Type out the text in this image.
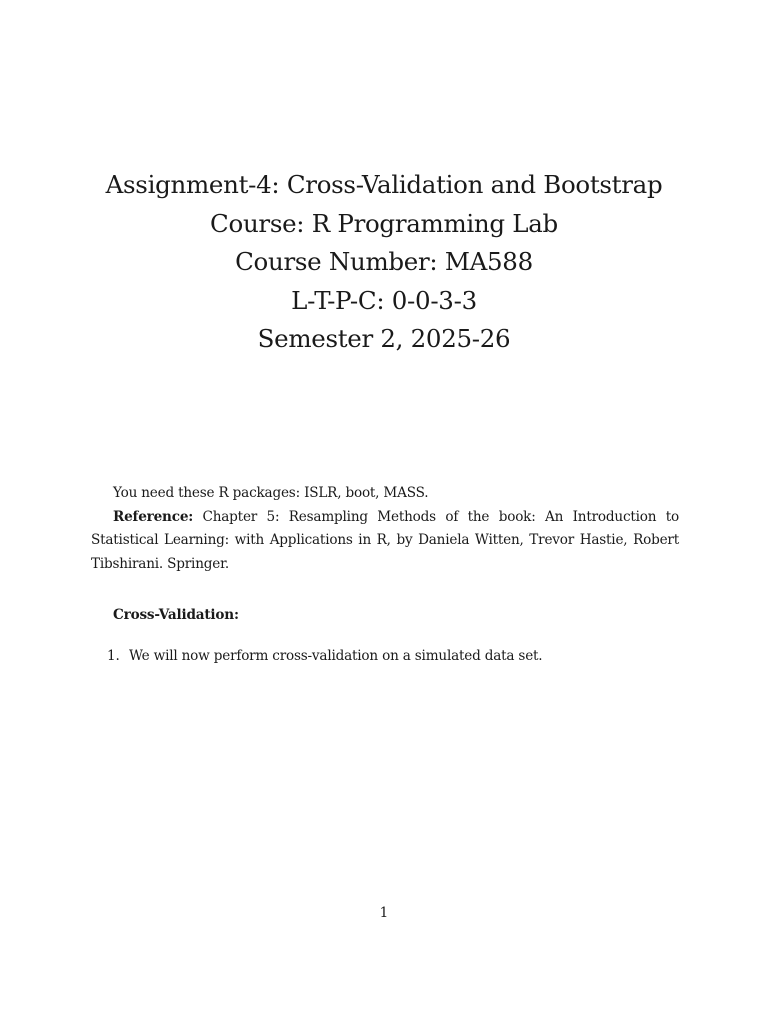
Assignment-4: Cross-Validation and Bootstrap
Course: R Programming Lab
Course Number: MA588
L-T-P-C: 0-0-3-3
Semester 2, 2025-26

You need these R packages: ISLR, boot, MASS.

Reference: Chapter 5: Resampling Methods of the book: An Introduction to Statistical Learning: with Applications in R, by Daniela Witten, Trevor Hastie, Robert Tibshirani. Springer.

Cross-Validation:
1. We will now perform cross-validation on a simulated data set.
1
